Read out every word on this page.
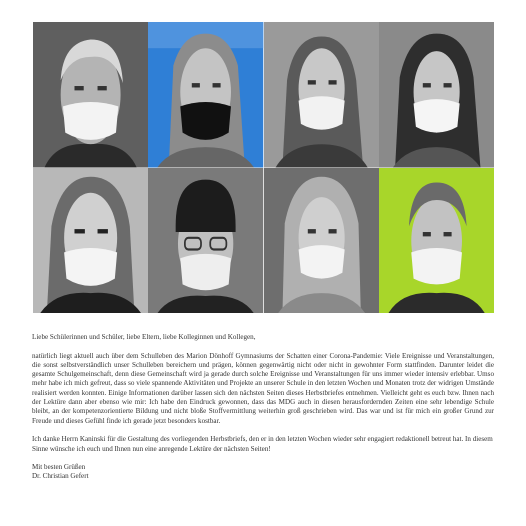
Liebe Schülerinnen und Schüler, liebe Eltern, liebe Kolleginnen und Kollegen,

natürlich liegt aktuell auch über dem Schulleben des Marion Dönhoff Gymnasiums der Schatten einer Corona-Pandemie: Viele Ereignisse und Veranstaltungen, die sonst selbstverständlich unser Schulleben bereichern und prägen, können gegenwärtig nicht oder nicht in gewohnter Form stattfinden. Darunter leidet die gesamte Schulgemeinschaft, denn diese Gemeinschaft wird ja gerade durch solche Ereignisse und Veranstaltungen für uns immer wieder intensiv erlebbar. Umso mehr habe ich mich gefreut, dass so viele spannende Aktivitäten und Projekte an unserer Schule in den letzten Wochen und Monaten trotz der widrigen Umstände realisiert werden konnten. Einige Informationen darüber lassen sich den nächsten Seiten dieses Herbstbriefes entnehmen. Vielleicht geht es euch bzw. Ihnen nach der Lektüre dann aber ebenso wie mir: Ich habe den Eindruck gewonnen, dass das MDG auch in diesen herausfordernden Zeiten eine sehr lebendige Schule bleibt, an der kompetenzorientierte Bildung und nicht bloße Stoffvermittlung weiterhin groß geschrieben wird. Das war und ist für mich ein großer Grund zur Freude und dieses Gefühl finde ich gerade jetzt besonders kostbar.

Ich danke Herrn Kaninski für die Gestaltung des vorliegenden Herbstbriefs, den er in den letzten Wochen wieder sehr engagiert redaktionell betreut hat. In diesem Sinne wünsche ich euch und Ihnen nun eine anregende Lektüre der nächsten Seiten!

Mit besten Grüßen

Dr. Christian Gefert
